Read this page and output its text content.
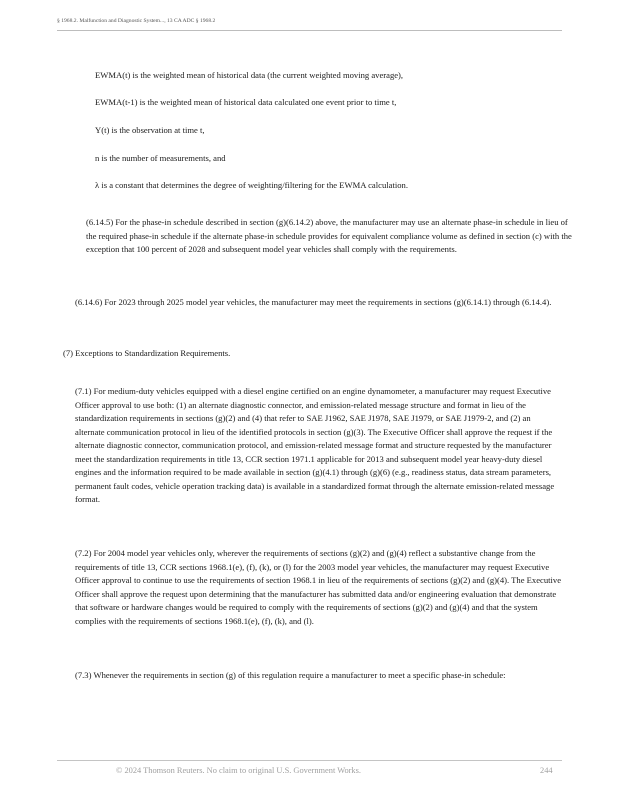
§ 1968.2. Malfunction and Diagnostic System..., 13 CA ADC § 1968.2

EWMA(t) is the weighted mean of historical data (the current weighted moving average),

EWMA(t-1) is the weighted mean of historical data calculated one event prior to time t,

Y(t) is the observation at time t,

n is the number of measurements, and

λ is a constant that determines the degree of weighting/filtering for the EWMA calculation.

(6.14.5) For the phase-in schedule described in section (g)(6.14.2) above, the manufacturer may use an alternate phase-in schedule in lieu of the required phase-in schedule if the alternate phase-in schedule provides for equivalent compliance volume as defined in section (c) with the exception that 100 percent of 2028 and subsequent model year vehicles shall comply with the requirements.

(6.14.6) For 2023 through 2025 model year vehicles, the manufacturer may meet the requirements in sections (g)(6.14.1) through (6.14.4).

(7) Exceptions to Standardization Requirements.

(7.1) For medium-duty vehicles equipped with a diesel engine certified on an engine dynamometer, a manufacturer may request Executive Officer approval to use both: (1) an alternate diagnostic connector, and emission-related message structure and format in lieu of the standardization requirements in sections (g)(2) and (4) that refer to SAE J1962, SAE J1978, SAE J1979, or SAE J1979-2, and (2) an alternate communication protocol in lieu of the identified protocols in section (g)(3). The Executive Officer shall approve the request if the alternate diagnostic connector, communication protocol, and emission-related message format and structure requested by the manufacturer meet the standardization requirements in title 13, CCR section 1971.1 applicable for 2013 and subsequent model year heavy-duty diesel engines and the information required to be made available in section (g)(4.1) through (g)(6) (e.g., readiness status, data stream parameters, permanent fault codes, vehicle operation tracking data) is available in a standardized format through the alternate emission-related message format.

(7.2) For 2004 model year vehicles only, wherever the requirements of sections (g)(2) and (g)(4) reflect a substantive change from the requirements of title 13, CCR sections 1968.1(e), (f), (k), or (l) for the 2003 model year vehicles, the manufacturer may request Executive Officer approval to continue to use the requirements of section 1968.1 in lieu of the requirements of sections (g)(2) and (g)(4). The Executive Officer shall approve the request upon determining that the manufacturer has submitted data and/or engineering evaluation that demonstrate that software or hardware changes would be required to comply with the requirements of sections (g)(2) and (g)(4) and that the system complies with the requirements of sections 1968.1(e), (f), (k), and (l).

(7.3) Whenever the requirements in section (g) of this regulation require a manufacturer to meet a specific phase-in schedule:

© 2024 Thomson Reuters. No claim to original U.S. Government Works.	244
